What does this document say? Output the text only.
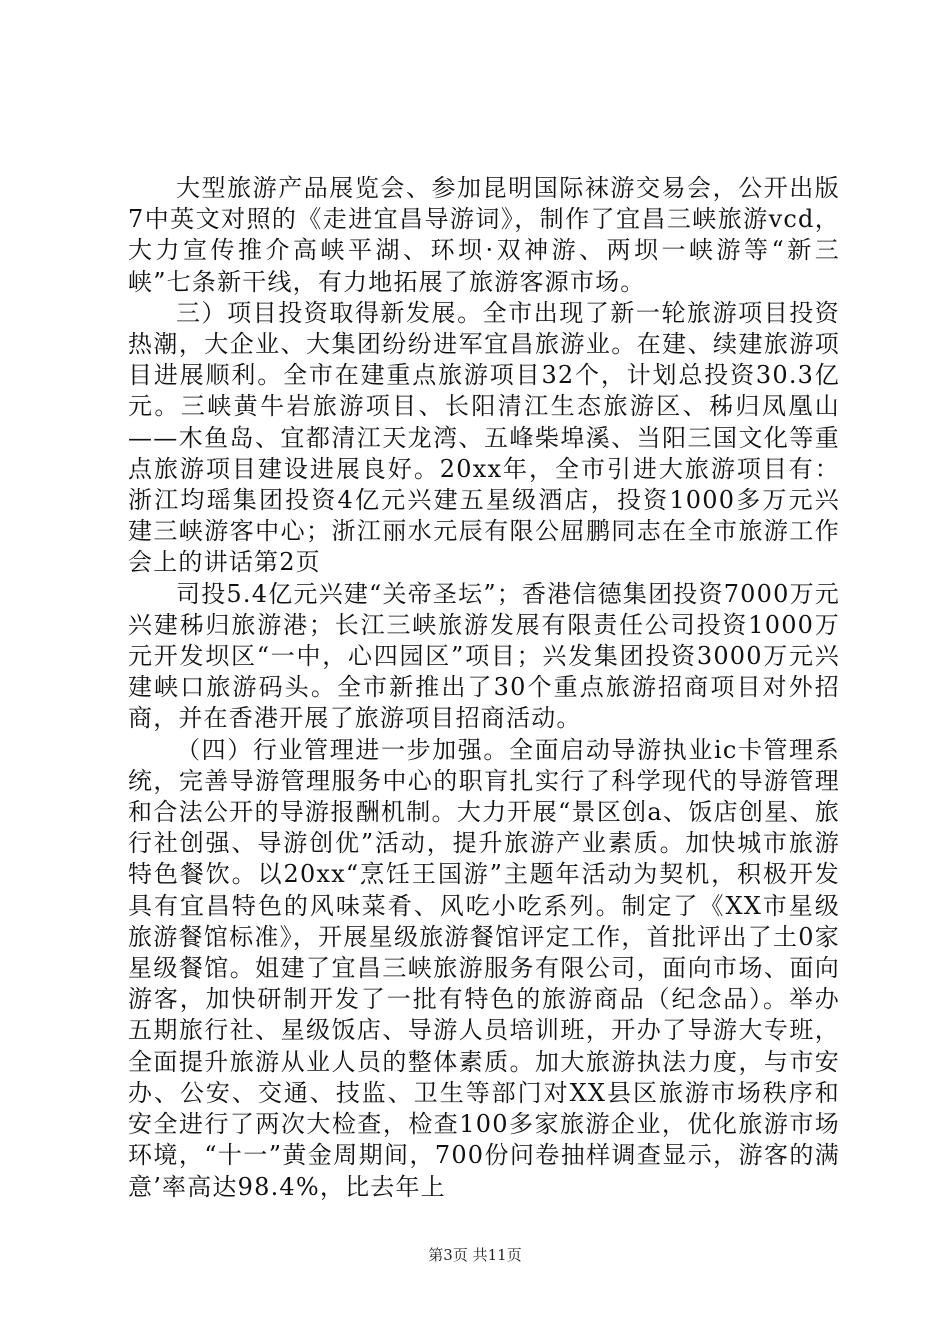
大型旅游产品展览会、参加昆明国际袜游交易会，公开出版7中英文对照的《走进宜昌导游词》，制作了宜昌三峡旅游vcd，大力宣传推介高峡平湖、环坝·双神游、两坝一峡游等“新三峡”七条新干线，有力地拓展了旅游客源市场。

三）项目投资取得新发展。全市出现了新一轮旅游项目投资热潮，大企业、大集团纷纷进军宜昌旅游业。在建、续建旅游项目进展顺利。全市在建重点旅游项目32个，计划总投资30.3亿元。三峡黄牛岩旅游项目、长阳清江生态旅游区、秭归凤凰山——木鱼岛、宜都清江天龙湾、五峰柴埠溪、当阳三国文化等重点旅游项目建设进展良好。20xx年，全市引进大旅游项目有：浙江均瑶集团投资4亿元兴建五星级酒店，投资1000多万元兴建三峡游客中心；浙江丽水元辰有限公屈鹏同志在全市旅游工作会上的讲话第2页

司投5.4亿元兴建“关帝圣坛”；香港信德集团投资7000万元兴建秭归旅游港；长江三峡旅游发展有限责任公司投资1000万元开发坝区“一中，心四园区”项目；兴发集团投资3000万元兴建峡口旅游码头。全市新推出了30个重点旅游招商项目对外招商，并在香港开展了旅游项目招商活动。

（四）行业管理进一步加强。全面启动导游执业ic卡管理系统，完善导游管理服务中心的职肓扎实行了科学现代的导游管理和合法公开的导游报酬机制。大力开展“景区创a、饭店创星、旅行社创强、导游创优”活动，提升旅游产业素质。加快城市旅游特色餐饮。以20xx“烹饪王国游”主题年活动为契机，积极开发具有宜昌特色的风味菜肴、风吃小吃系列。制定了《XX市星级旅游餐馆标准》，开展星级旅游餐馆评定工作，首批评出了土0家星级餐馆。姐建了宜昌三峡旅游服务有限公司，面向市场、面向游客，加快研制开发了一批有特色的旅游商品（纪念品）。举办五期旅行社、星级饭店、导游人员培训班，开办了导游大专班，全面提升旅游从业人员的整体素质。加大旅游执法力度，与市安办、公安、交通、技监、卫生等部门对XX县区旅游市场秩序和安全进行了两次大检查，检查100多家旅游企业，优化旅游市场环境，“十一”黄金周期间，700份问卷抽样调查显示，游客的满意’率高达98.4%，比去年上

第3页 共11页
